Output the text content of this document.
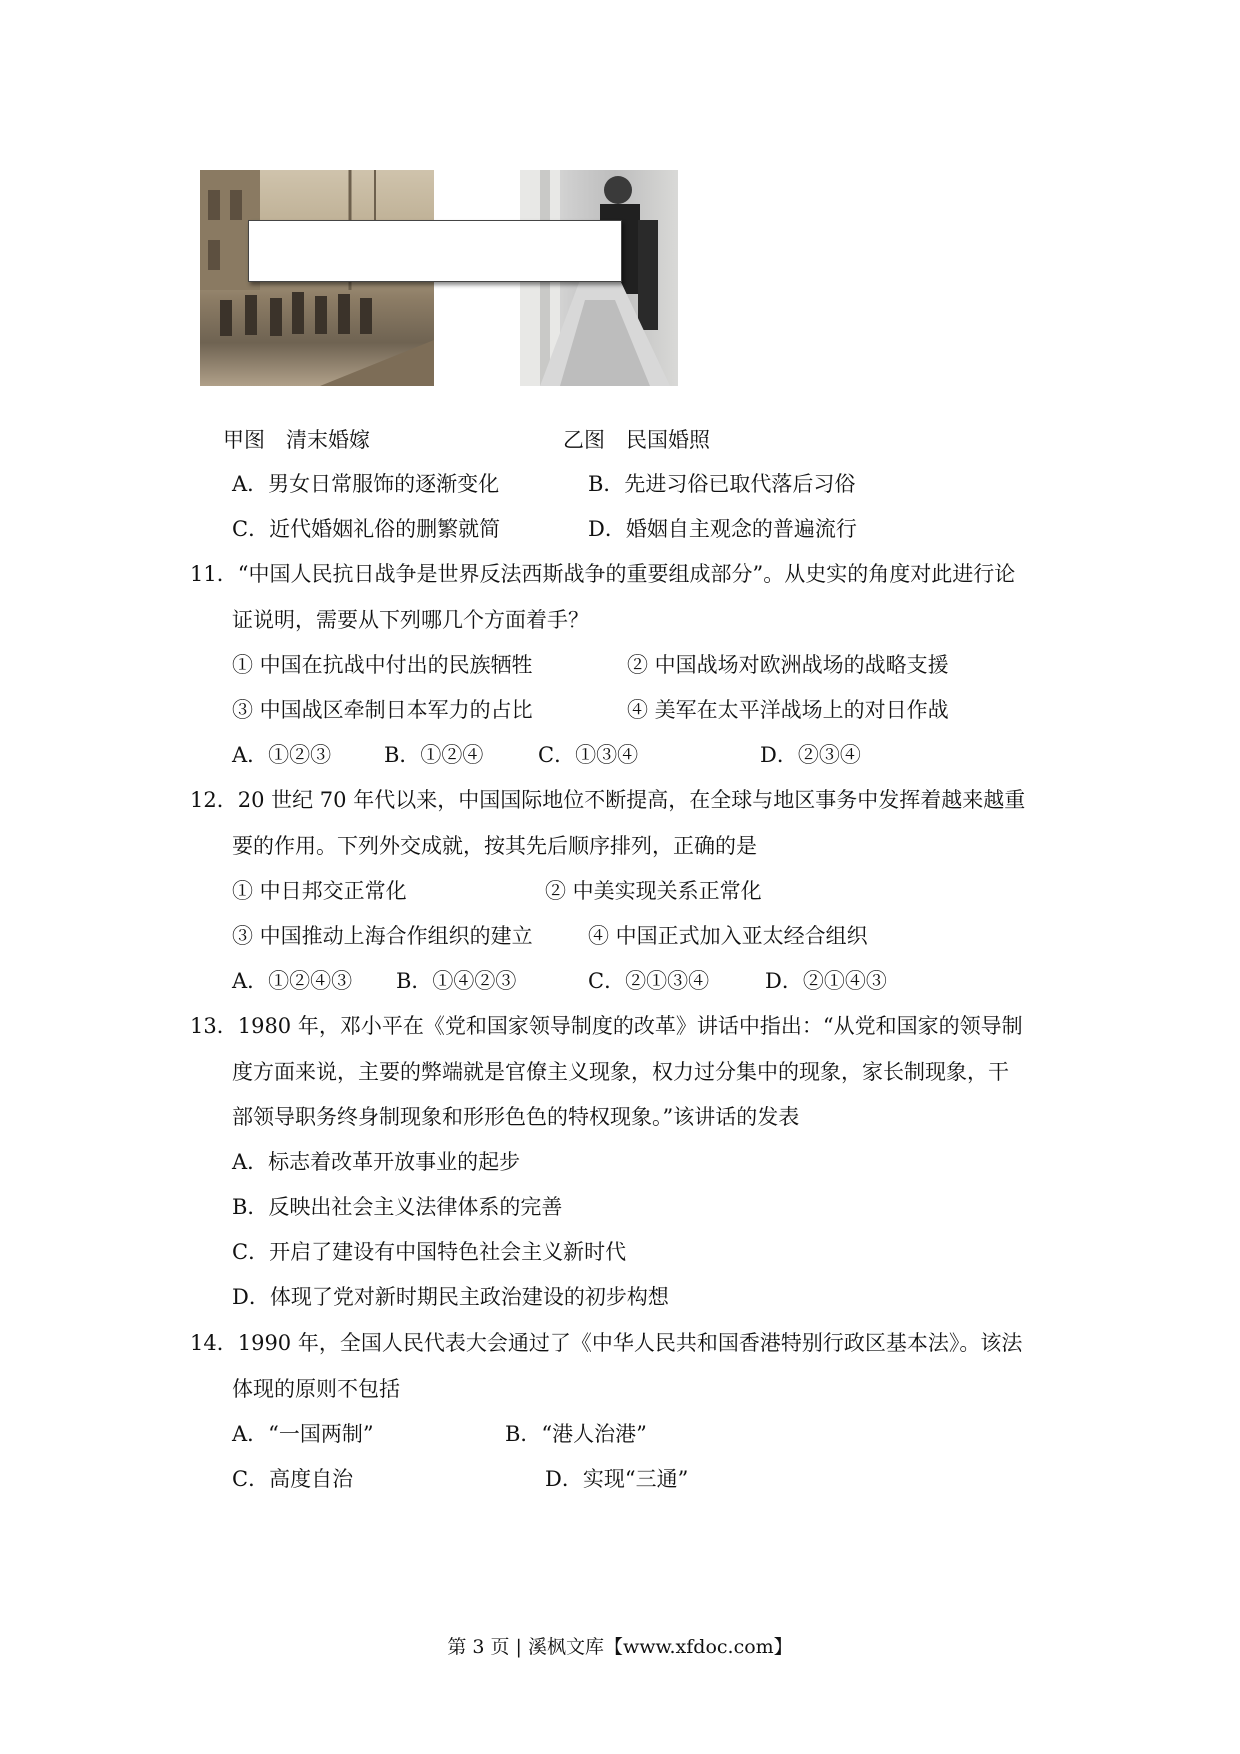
甲图　清末婚嫁	乙图　民国婚照
A．男女日常服饰的逐渐变化	B．先进习俗已取代落后习俗
C．近代婚姻礼俗的删繁就简	D．婚姻自主观念的普遍流行
11．“中国人民抗日战争是世界反法西斯战争的重要组成部分”。从史实的角度对此进行论
证说明，需要从下列哪几个方面着手？
① 中国在抗战中付出的民族牺牲	② 中国战场对欧洲战场的战略支援
③ 中国战区牵制日本军力的占比	④ 美军在太平洋战场上的对日作战
A．①②③	B．①②④	C．①③④	D．②③④
12．20 世纪 70 年代以来，中国国际地位不断提高，在全球与地区事务中发挥着越来越重
要的作用。下列外交成就，按其先后顺序排列，正确的是
① 中日邦交正常化	② 中美实现关系正常化
③ 中国推动上海合作组织的建立	④ 中国正式加入亚太经合组织
A．①②④③ B．①④②③	C．②①③④	D．②①④③
13．1980 年，邓小平在《党和国家领导制度的改革》讲话中指出：“从党和国家的领导制
度方面来说，主要的弊端就是官僚主义现象，权力过分集中的现象，家长制现象，干
部领导职务终身制现象和形形色色的特权现象。”该讲话的发表
A．标志着改革开放事业的起步
B．反映出社会主义法律体系的完善
C．开启了建设有中国特色社会主义新时代
D．体现了党对新时期民主政治建设的初步构想
14．1990 年，全国人民代表大会通过了《中华人民共和国香港特别行政区基本法》。该法
体现的原则不包括
A．“一国两制”	B．“港人治港”
C．高度自治	D．实现“三通”
第 3 页 | 溪枫文库【www.xfdoc.com】
